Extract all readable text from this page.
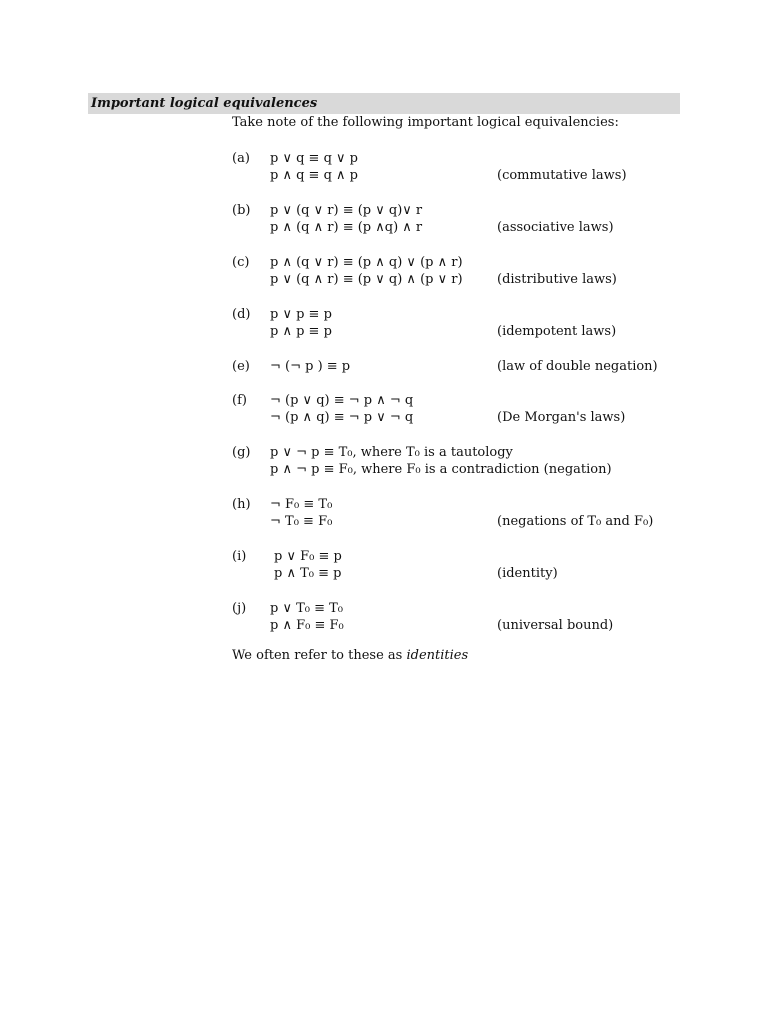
Important logical equivalences
Take note of the following important logical equivalencies:
(a) p ∨ q ≡ q ∨ p
p ∧ q ≡ q ∧ p	(commutative laws)
(b) p ∨ (q ∨ r) ≡ (p ∨ q)∨ r
p ∧ (q ∧ r) ≡ (p ∧q) ∧ r	(associative laws)
(c) p ∧ (q ∨ r) ≡ (p ∧ q) ∨ (p ∧ r)
p ∨ (q ∧ r) ≡ (p ∨ q) ∧ (p ∨ r)	(distributive laws)
(d) p ∨ p ≡ p
p ∧ p ≡ p	(idempotent laws)
(e) ¬ (¬ p ) ≡ p	(law of double negation)
(f) ¬ (p ∨ q) ≡ ¬ p ∧ ¬ q
¬ (p ∧ q) ≡ ¬ p ∨ ¬ q	(De Morgan's laws)
(g) p ∨ ¬ p ≡ T₀, where T₀ is a tautology
p ∧ ¬ p ≡ F₀, where F₀ is a contradiction (negation)
(h) ¬ F₀ ≡ T₀
¬ T₀ ≡ F₀	(negations of T₀ and F₀)
(i) p ∨ F₀ ≡ p
p ∧ T₀ ≡ p	(identity)
(j) p ∨ T₀ ≡ T₀
p ∧ F₀ ≡ F₀	(universal bound)
We often refer to these as identities
